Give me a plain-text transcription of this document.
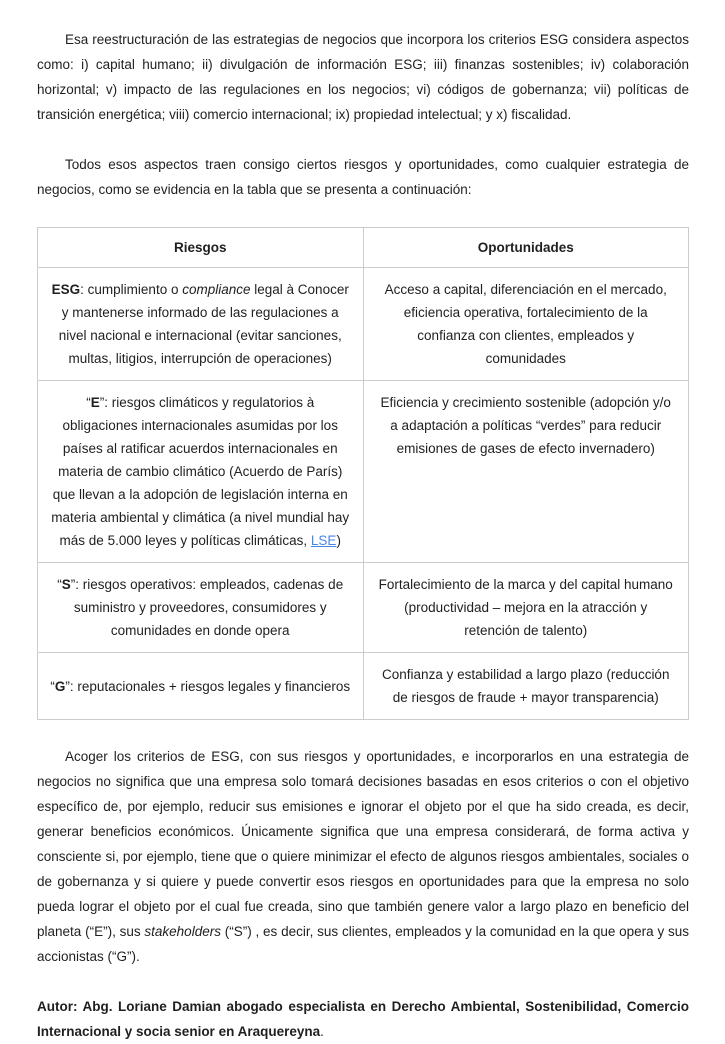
Esa reestructuración de las estrategias de negocios que incorpora los criterios ESG considera aspectos como: i) capital humano; ii) divulgación de información ESG; iii) finanzas sostenibles; iv) colaboración horizontal; v) impacto de las regulaciones en los negocios; vi) códigos de gobernanza; vii) políticas de transición energética; viii) comercio internacional; ix) propiedad intelectual; y x) fiscalidad.

Todos esos aspectos traen consigo ciertos riesgos y oportunidades, como cualquier estrategia de negocios, como se evidencia en la tabla que se presenta a continuación:

Riesgos	Oportunidades
ESG: cumplimiento o compliance legal à Conocer y mantenerse informado de las regulaciones a nivel nacional e internacional (evitar sanciones, multas, litigios, interrupción de operaciones)	Acceso a capital, diferenciación en el mercado, eficiencia operativa, fortalecimiento de la confianza con clientes, empleados y comunidades
“E”: riesgos climáticos y regulatorios à obligaciones internacionales asumidas por los países al ratificar acuerdos internacionales en materia de cambio climático (Acuerdo de París) que llevan a la adopción de legislación interna en materia ambiental y climática (a nivel mundial hay más de 5.000 leyes y políticas climáticas, LSE)	Eficiencia y crecimiento sostenible (adopción y/o a adaptación a políticas “verdes” para reducir emisiones de gases de efecto invernadero)
“S”: riesgos operativos: empleados, cadenas de suministro y proveedores, consumidores y comunidades en donde opera	Fortalecimiento de la marca y del capital humano (productividad – mejora en la atracción y retención de talento)
“G”: reputacionales + riesgos legales y financieros	Confianza y estabilidad a largo plazo (reducción de riesgos de fraude + mayor transparencia)

Acoger los criterios de ESG, con sus riesgos y oportunidades, e incorporarlos en una estrategia de negocios no significa que una empresa solo tomará decisiones basadas en esos criterios o con el objetivo específico de, por ejemplo, reducir sus emisiones e ignorar el objeto por el que ha sido creada, es decir, generar beneficios económicos. Únicamente significa que una empresa considerará, de forma activa y consciente si, por ejemplo, tiene que o quiere minimizar el efecto de algunos riesgos ambientales, sociales o de gobernanza y si quiere y puede convertir esos riesgos en oportunidades para que la empresa no solo pueda lograr el objeto por el cual fue creada, sino que también genere valor a largo plazo en beneficio del planeta (“E”), sus stakeholders (“S”) , es decir, sus clientes, empleados y la comunidad en la que opera y sus accionistas (“G”).

Autor: Abg. Loriane Damian abogado especialista en Derecho Ambiental, Sostenibilidad, Comercio Internacional y socia senior en Araquereyna.
